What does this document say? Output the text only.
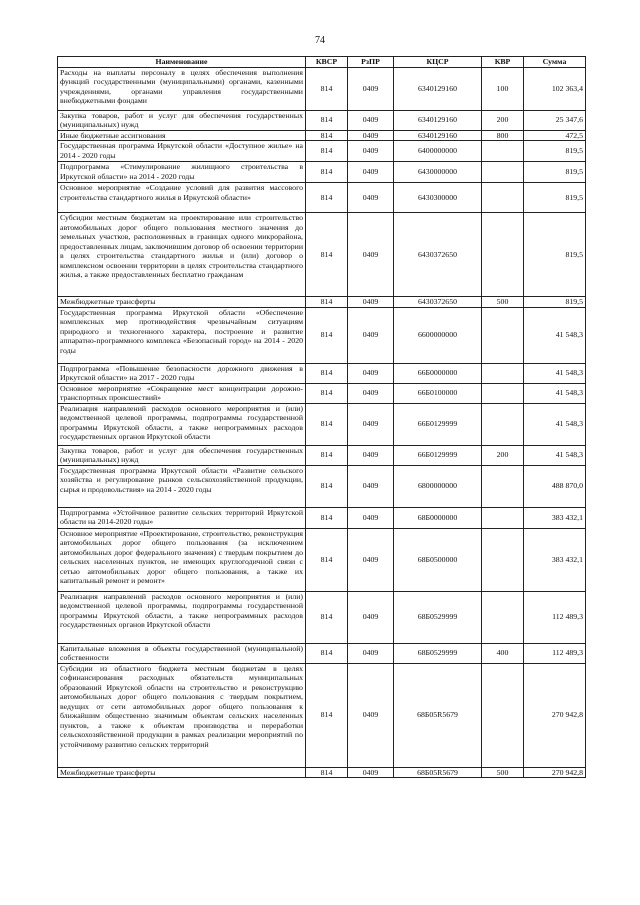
74
Наименование	КВСР	РзПР	КЦСР	КВР	Сумма
Расходы на выплаты персоналу в целях обеспечения выполнения функций государственными (муниципальными) органами, казенными учреждениями, органами управления государственными внебюджетными фондами	814	0409	6340129160	100	102 363,4
Закупка товаров, работ и услуг для обеспечения государственных (муниципальных) нужд	814	0409	6340129160	200	25 347,6
Иные бюджетные ассигнования	814	0409	6340129160	800	472,5
Государственная программа Иркутской области «Доступное жилье» на 2014 - 2020 годы	814	0409	6400000000		819,5
Подпрограмма «Стимулирование жилищного строительства в Иркутской области» на 2014 - 2020 годы	814	0409	6430000000		819,5
Основное мероприятие «Создание условий для развития массового строительства стандартного жилья в Иркутской области»	814	0409	6430300000		819,5
Субсидии местным бюджетам на проектирование или строительство автомобильных дорог общего пользования местного значения до земельных участков, расположенных в границах одного микрорайона, предоставленных лицам, заключившим договор об освоении территории в целях строительства стандартного жилья и (или) договор о комплексном освоении территории в целях строительства стандартного жилья, а также предоставленных бесплатно гражданам	814	0409	6430372650		819,5
Межбюджетные трансферты	814	0409	6430372650	500	819,5
Государственная программа Иркутской области «Обеспечение комплексных мер противодействия чрезвычайным ситуациям природного и техногенного характера, построение и развитие аппаратно-программного комплекса «Безопасный город» на 2014 - 2020 годы	814	0409	6600000000		41 548,3
Подпрограмма «Повышение безопасности дорожного движения в Иркутской области» на 2017 - 2020 годы	814	0409	66Б0000000		41 548,3
Основное мероприятие «Сокращение мест концентрации дорожно-транспортных происшествий»	814	0409	66Б0100000		41 548,3
Реализация направлений расходов основного мероприятия и (или) ведомственной целевой программы, подпрограммы государственной программы Иркутской области, а также непрограммных расходов государственных органов Иркутской области	814	0409	66Б0129999		41 548,3
Закупка товаров, работ и услуг для обеспечения государственных (муниципальных) нужд	814	0409	66Б0129999	200	41 548,3
Государственная программа Иркутской области «Развитие сельского хозяйства и регулирование рынков сельскохозяйственной продукции, сырья и продовольствия» на 2014 - 2020 годы	814	0409	6800000000		488 870,0
Подпрограмма «Устойчивое развитие сельских территорий Иркутской области на 2014-2020 годы»	814	0409	68Б0000000		383 432,1
Основное мероприятие «Проектирование, строительство, реконструкция автомобильных дорог общего пользования (за исключением автомобильных дорог федерального значения) с твердым покрытием до сельских населенных пунктов, не имеющих круглогодичной связи с сетью автомобильных дорог общего пользования, а также их капитальный ремонт и ремонт»	814	0409	68Б0500000		383 432,1
Реализация направлений расходов основного мероприятия и (или) ведомственной целевой программы, подпрограммы государственной программы Иркутской области, а также непрограммных расходов государственных органов Иркутской области	814	0409	68Б0529999		112 489,3
Капитальные вложения в объекты государственной (муниципальной) собственности	814	0409	68Б0529999	400	112 489,3
Субсидии из областного бюджета местным бюджетам в целях софинансирования расходных обязательств муниципальных образований Иркутской области на строительство и реконструкцию автомобильных дорог общего пользования с твердым покрытием, ведущих от сети автомобильных дорог общего пользования к ближайшим общественно значимым объектам сельских населенных пунктов, а также к объектам производства и переработки сельскохозяйственной продукции в рамках реализации мероприятий по устойчивому развитию сельских территорий	814	0409	68Б05R5679		270 942,8
Межбюджетные трансферты	814	0409	68Б05R5679	500	270 942,8
